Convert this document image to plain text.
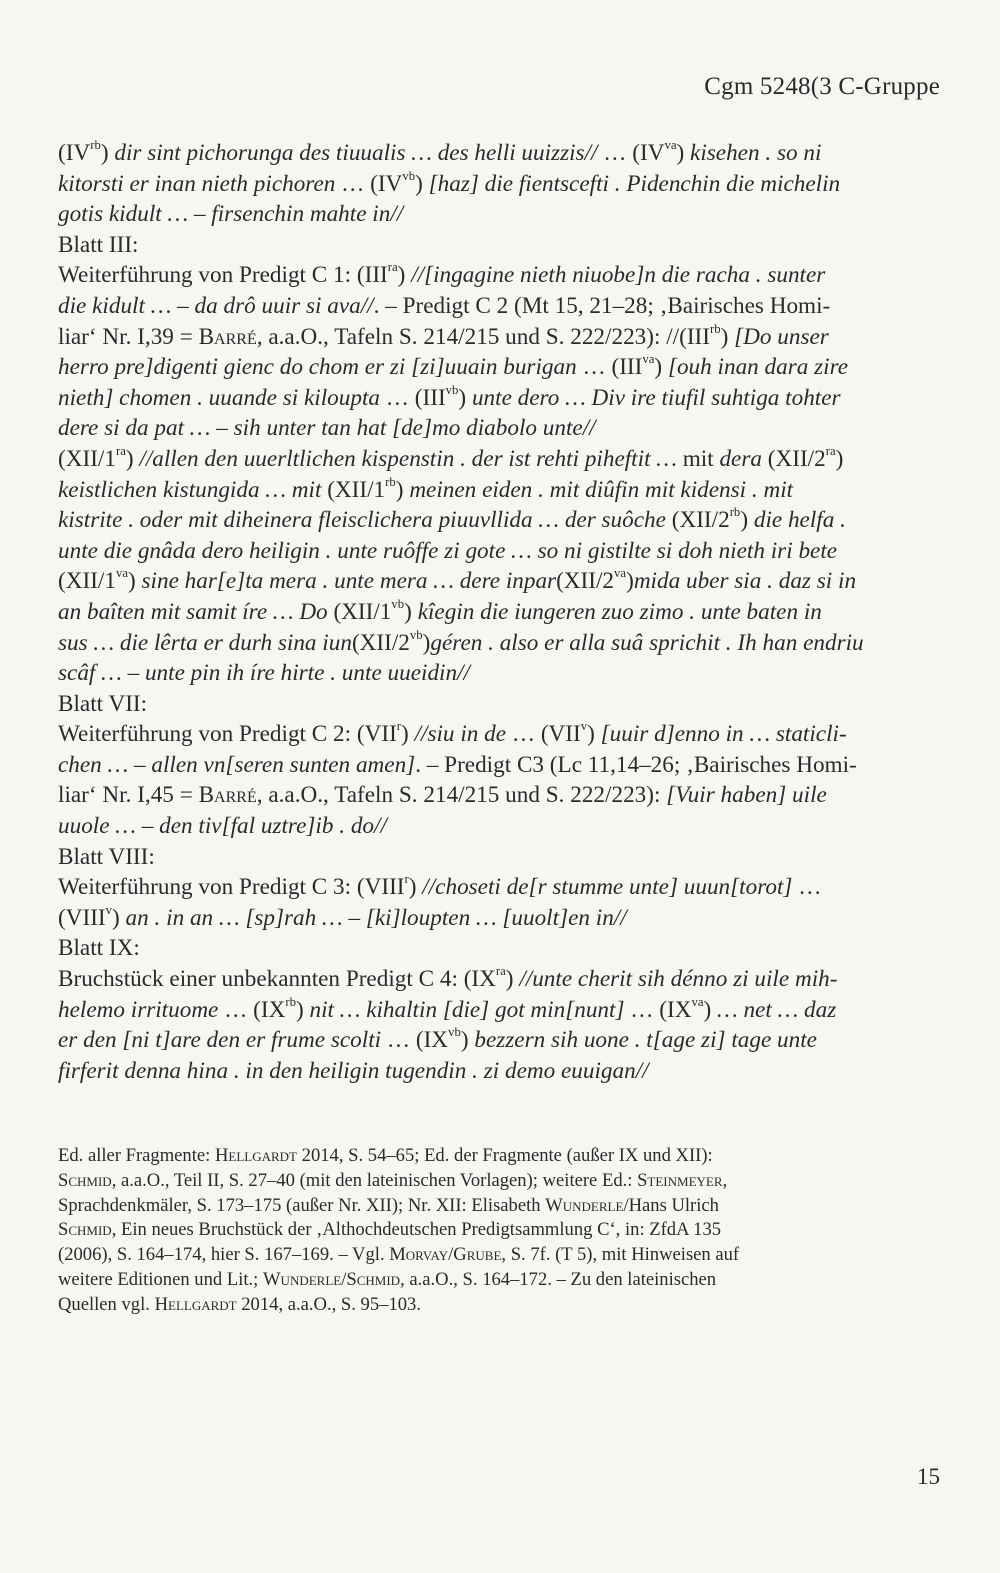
Cgm 5248(3 C-Gruppe
$(IV^{rb})$ dir sint pichorunga des tiuualis … des helli uuizzis// … $(IV^{va})$ kisehen . so ni
kitorsti er inan nieth pichoren … $(IV^{vb})$ [haz] die fientscefti . Pidenchin die michelin
gotis kidult … – firsenchin mahte in//
Blatt III:
Weiterführung von Predigt C 1: $(III^{ra})$ //[ingagine nieth niuobe]n die racha . sunter
die kidult … – da drô uuir si ava//. – Predigt C 2 (Mt 15, 21–28; ‚Bairisches Homi-
liar‘ Nr. I,39 = Barré, a.a.O., Tafeln S. 214/215 und S. 222/223): $//(III^{rb})$ [Do unser
herro pre]digenti gienc do chom er zi [zi]uuain burigan … $(III^{va})$ [ouh inan dara zire
nieth] chomen . uuande si kiloupta … $(III^{vb})$ unte dero … Div ire tiufil suhtiga tohter
dere si da pat … – sih unter tan hat [de]mo diabolo unte//
$(XII/1^{ra})$ //allen den uuerltlichen kispenstin . der ist rehti piheftit … mit dera $(XII/2^{ra})$
keistlichen kistungida … mit $(XII/1^{rb})$ meinen eiden . mit diûfin mit kidensi . mit
kistrite . oder mit diheinera fleisclichera piuuvllida … der suôche $(XII/2^{rb})$ die helfa .
unte die gnâda dero heiligin . unte ruôffe zi gote … so ni gistilte si doh nieth iri bete
$(XII/1^{va})$ sine har[e]ta mera . unte mera … dere $inpar(XII/2^{va})mida$ uber sia . daz si in
an baîten mit samit íre … Do $(XII/1^{vb})$ kîegin die iungeren zuo zimo . unte baten in
sus … die lêrta er durh sina $iun(XII/2^{vb})géren$ . also er alla suâ sprichit . Ih han endriu
scâf … – unte pin ih íre hirte . unte uueidin//
Blatt VII:
Weiterführung von Predigt C 2: (VII$^r$) //siu in de … (VII$^v$) [uuir d]enno in … staticli-
chen … – allen vn[seren sunten amen]. – Predigt C3 (Lc 11,14–26; ‚Bairisches Homi-
liar‘ Nr. I,45 = Barré, a.a.O., Tafeln S. 214/215 und S. 222/223): [Vuir haben] uile
uuole … – den tiv[fal uztre]ib . do//
Blatt VIII:
Weiterführung von Predigt C 3: (VIII$^r$) //choseti de[r stumme unte] uuun[torot] …
(VIII$^v$) an . in an … [sp]rah … – [ki]loupten … [uuolt]en in//
Blatt IX:
Bruchstück einer unbekannten Predigt C 4: $(IX^{ra})$ //unte cherit sih dénno zi uile mih-
helemo irrituome … $(IX^{rb})$ nit … kihaltin [die] got min[nunt] … $(IX^{va})$ … net … daz
er den [ni t]are den er frume scolti … $(IX^{vb})$ bezzern sih uone . t[age zi] tage unte
firferit denna hina . in den heiligin tugendin . zi demo euuigan//
Ed. aller Fragmente: Hellgardt 2014, S. 54–65; Ed. der Fragmente (außer IX und XII):
Schmid, a.a.O., Teil II, S. 27–40 (mit den lateinischen Vorlagen); weitere Ed.: Steinmeyer,
Sprachdenkmäler, S. 173–175 (außer Nr. XII); Nr. XII: Elisabeth Wunderle/Hans Ulrich
Schmid, Ein neues Bruchstück der ‚Althochdeutschen Predigtsammlung C‘, in: ZfdA 135
(2006), S. 164–174, hier S. 167–169. – Vgl. Morvay/Grube, S. 7f. (T 5), mit Hinweisen auf
weitere Editionen und Lit.; Wunderle/Schmid, a.a.O., S. 164–172. – Zu den lateinischen
Quellen vgl. Hellgardt 2014, a.a.O., S. 95–103.
15
